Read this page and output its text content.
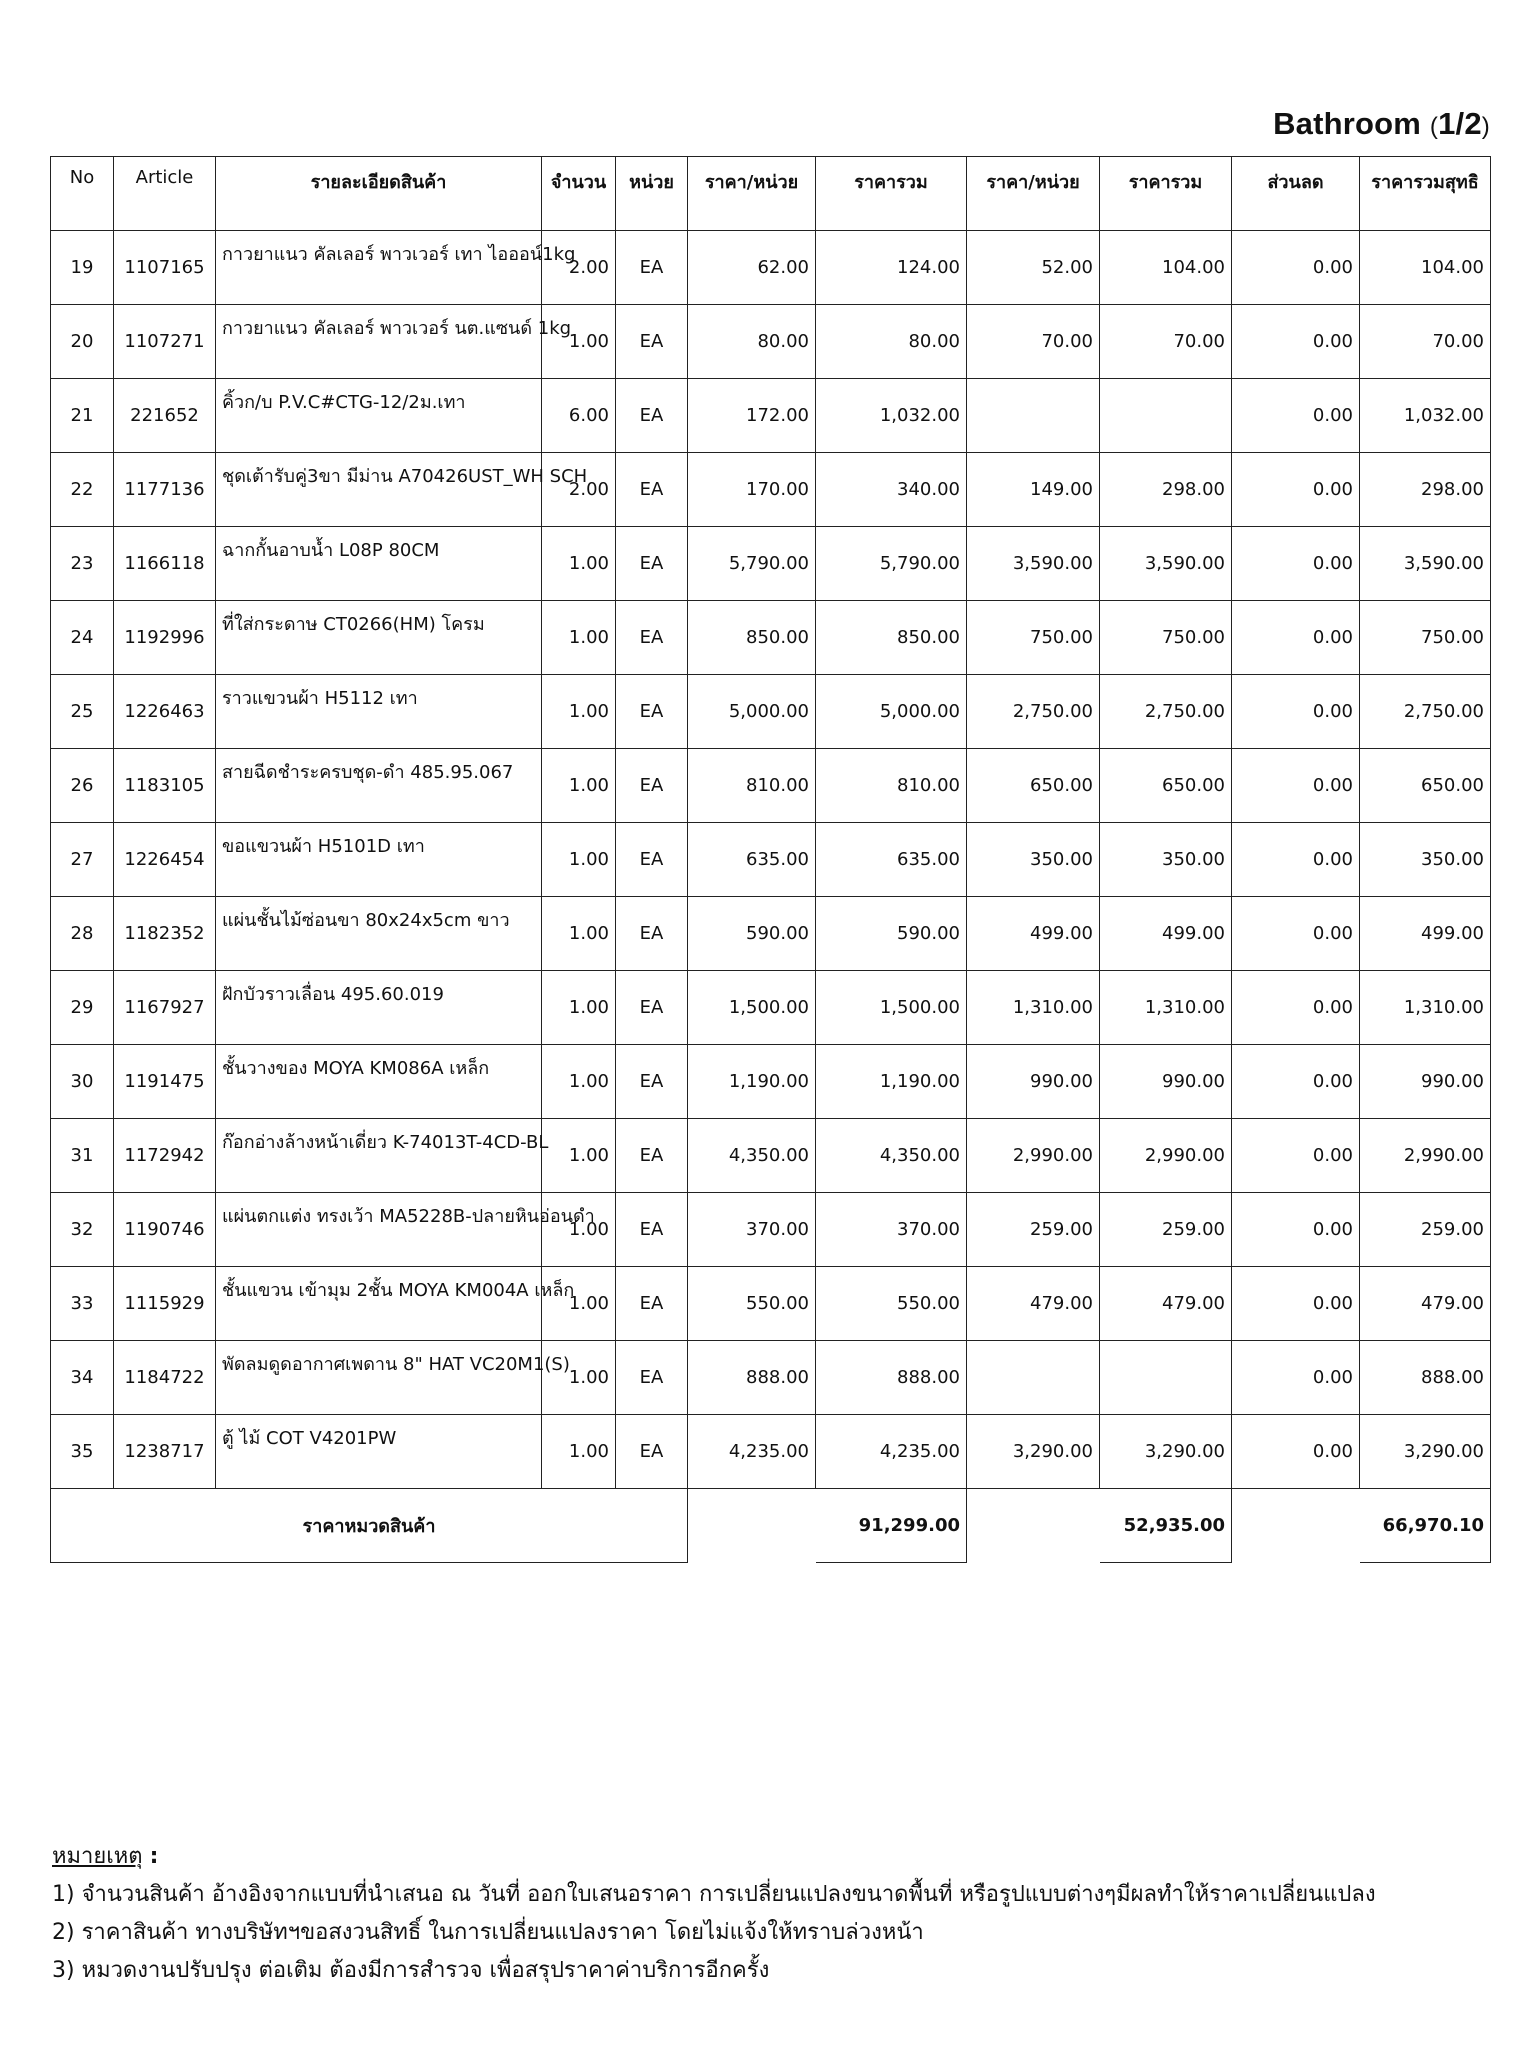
Bathroom (1/2)
No	Article	รายละเอียดสินค้า	จำนวน	หน่วย	ราคา/หน่วย	ราคารวม	ราคา/หน่วย	ราคารวม	ส่วนลด	ราคารวมสุทธิ
19	1107165	กาวยาแนว คัลเลอร์ พาวเวอร์ เทา ไอออน์1kg	2.00	EA	62.00	124.00	52.00	104.00	0.00	104.00
20	1107271	กาวยาแนว คัลเลอร์ พาวเวอร์ นต.แซนด์ 1kg	1.00	EA	80.00	80.00	70.00	70.00	0.00	70.00
21	221652	คิ้วก/บ P.V.C#CTG-12/2ม.เทา	6.00	EA	172.00	1,032.00			0.00	1,032.00
22	1177136	ชุดเต้ารับคู่3ขา มีม่าน A70426UST_WH SCH	2.00	EA	170.00	340.00	149.00	298.00	0.00	298.00
23	1166118	ฉากกั้นอาบน้ำ L08P 80CM	1.00	EA	5,790.00	5,790.00	3,590.00	3,590.00	0.00	3,590.00
24	1192996	ที่ใส่กระดาษ CT0266(HM) โครม	1.00	EA	850.00	850.00	750.00	750.00	0.00	750.00
25	1226463	ราวแขวนผ้า H5112 เทา	1.00	EA	5,000.00	5,000.00	2,750.00	2,750.00	0.00	2,750.00
26	1183105	สายฉีดชำระครบชุด-ดำ 485.95.067	1.00	EA	810.00	810.00	650.00	650.00	0.00	650.00
27	1226454	ขอแขวนผ้า H5101D เทา	1.00	EA	635.00	635.00	350.00	350.00	0.00	350.00
28	1182352	แผ่นชั้นไม้ซ่อนขา 80x24x5cm ขาว	1.00	EA	590.00	590.00	499.00	499.00	0.00	499.00
29	1167927	ฝักบัวราวเลื่อน 495.60.019	1.00	EA	1,500.00	1,500.00	1,310.00	1,310.00	0.00	1,310.00
30	1191475	ชั้นวางของ MOYA KM086A เหล็ก	1.00	EA	1,190.00	1,190.00	990.00	990.00	0.00	990.00
31	1172942	ก๊อกอ่างล้างหน้าเดี่ยว K-74013T-4CD-BL	1.00	EA	4,350.00	4,350.00	2,990.00	2,990.00	0.00	2,990.00
32	1190746	แผ่นตกแต่ง ทรงเว้า MA5228B-ปลายหินอ่อนดำ	1.00	EA	370.00	370.00	259.00	259.00	0.00	259.00
33	1115929	ชั้นแขวน เข้ามุม 2ชั้น MOYA KM004A เหล็ก	1.00	EA	550.00	550.00	479.00	479.00	0.00	479.00
34	1184722	พัดลมดูดอากาศเพดาน 8" HAT VC20M1(S)	1.00	EA	888.00	888.00			0.00	888.00
35	1238717	ตู้ ไม้ COT V4201PW	1.00	EA	4,235.00	4,235.00	3,290.00	3,290.00	0.00	3,290.00
ราคาหมวดสินค้า						91,299.00		52,935.00		66,970.10
หมายเหตุ :
1) จำนวนสินค้า อ้างอิงจากแบบที่นำเสนอ ณ วันที่ ออกใบเสนอราคา การเปลี่ยนแปลงขนาดพื้นที่ หรือรูปแบบต่างๆมีผลทำให้ราคาเปลี่ยนแปลง
2) ราคาสินค้า ทางบริษัทฯขอสงวนสิทธิ์ ในการเปลี่ยนแปลงราคา โดยไม่แจ้งให้ทราบล่วงหน้า
3) หมวดงานปรับปรุง ต่อเติม ต้องมีการสำรวจ เพื่อสรุปราคาค่าบริการอีกครั้ง
